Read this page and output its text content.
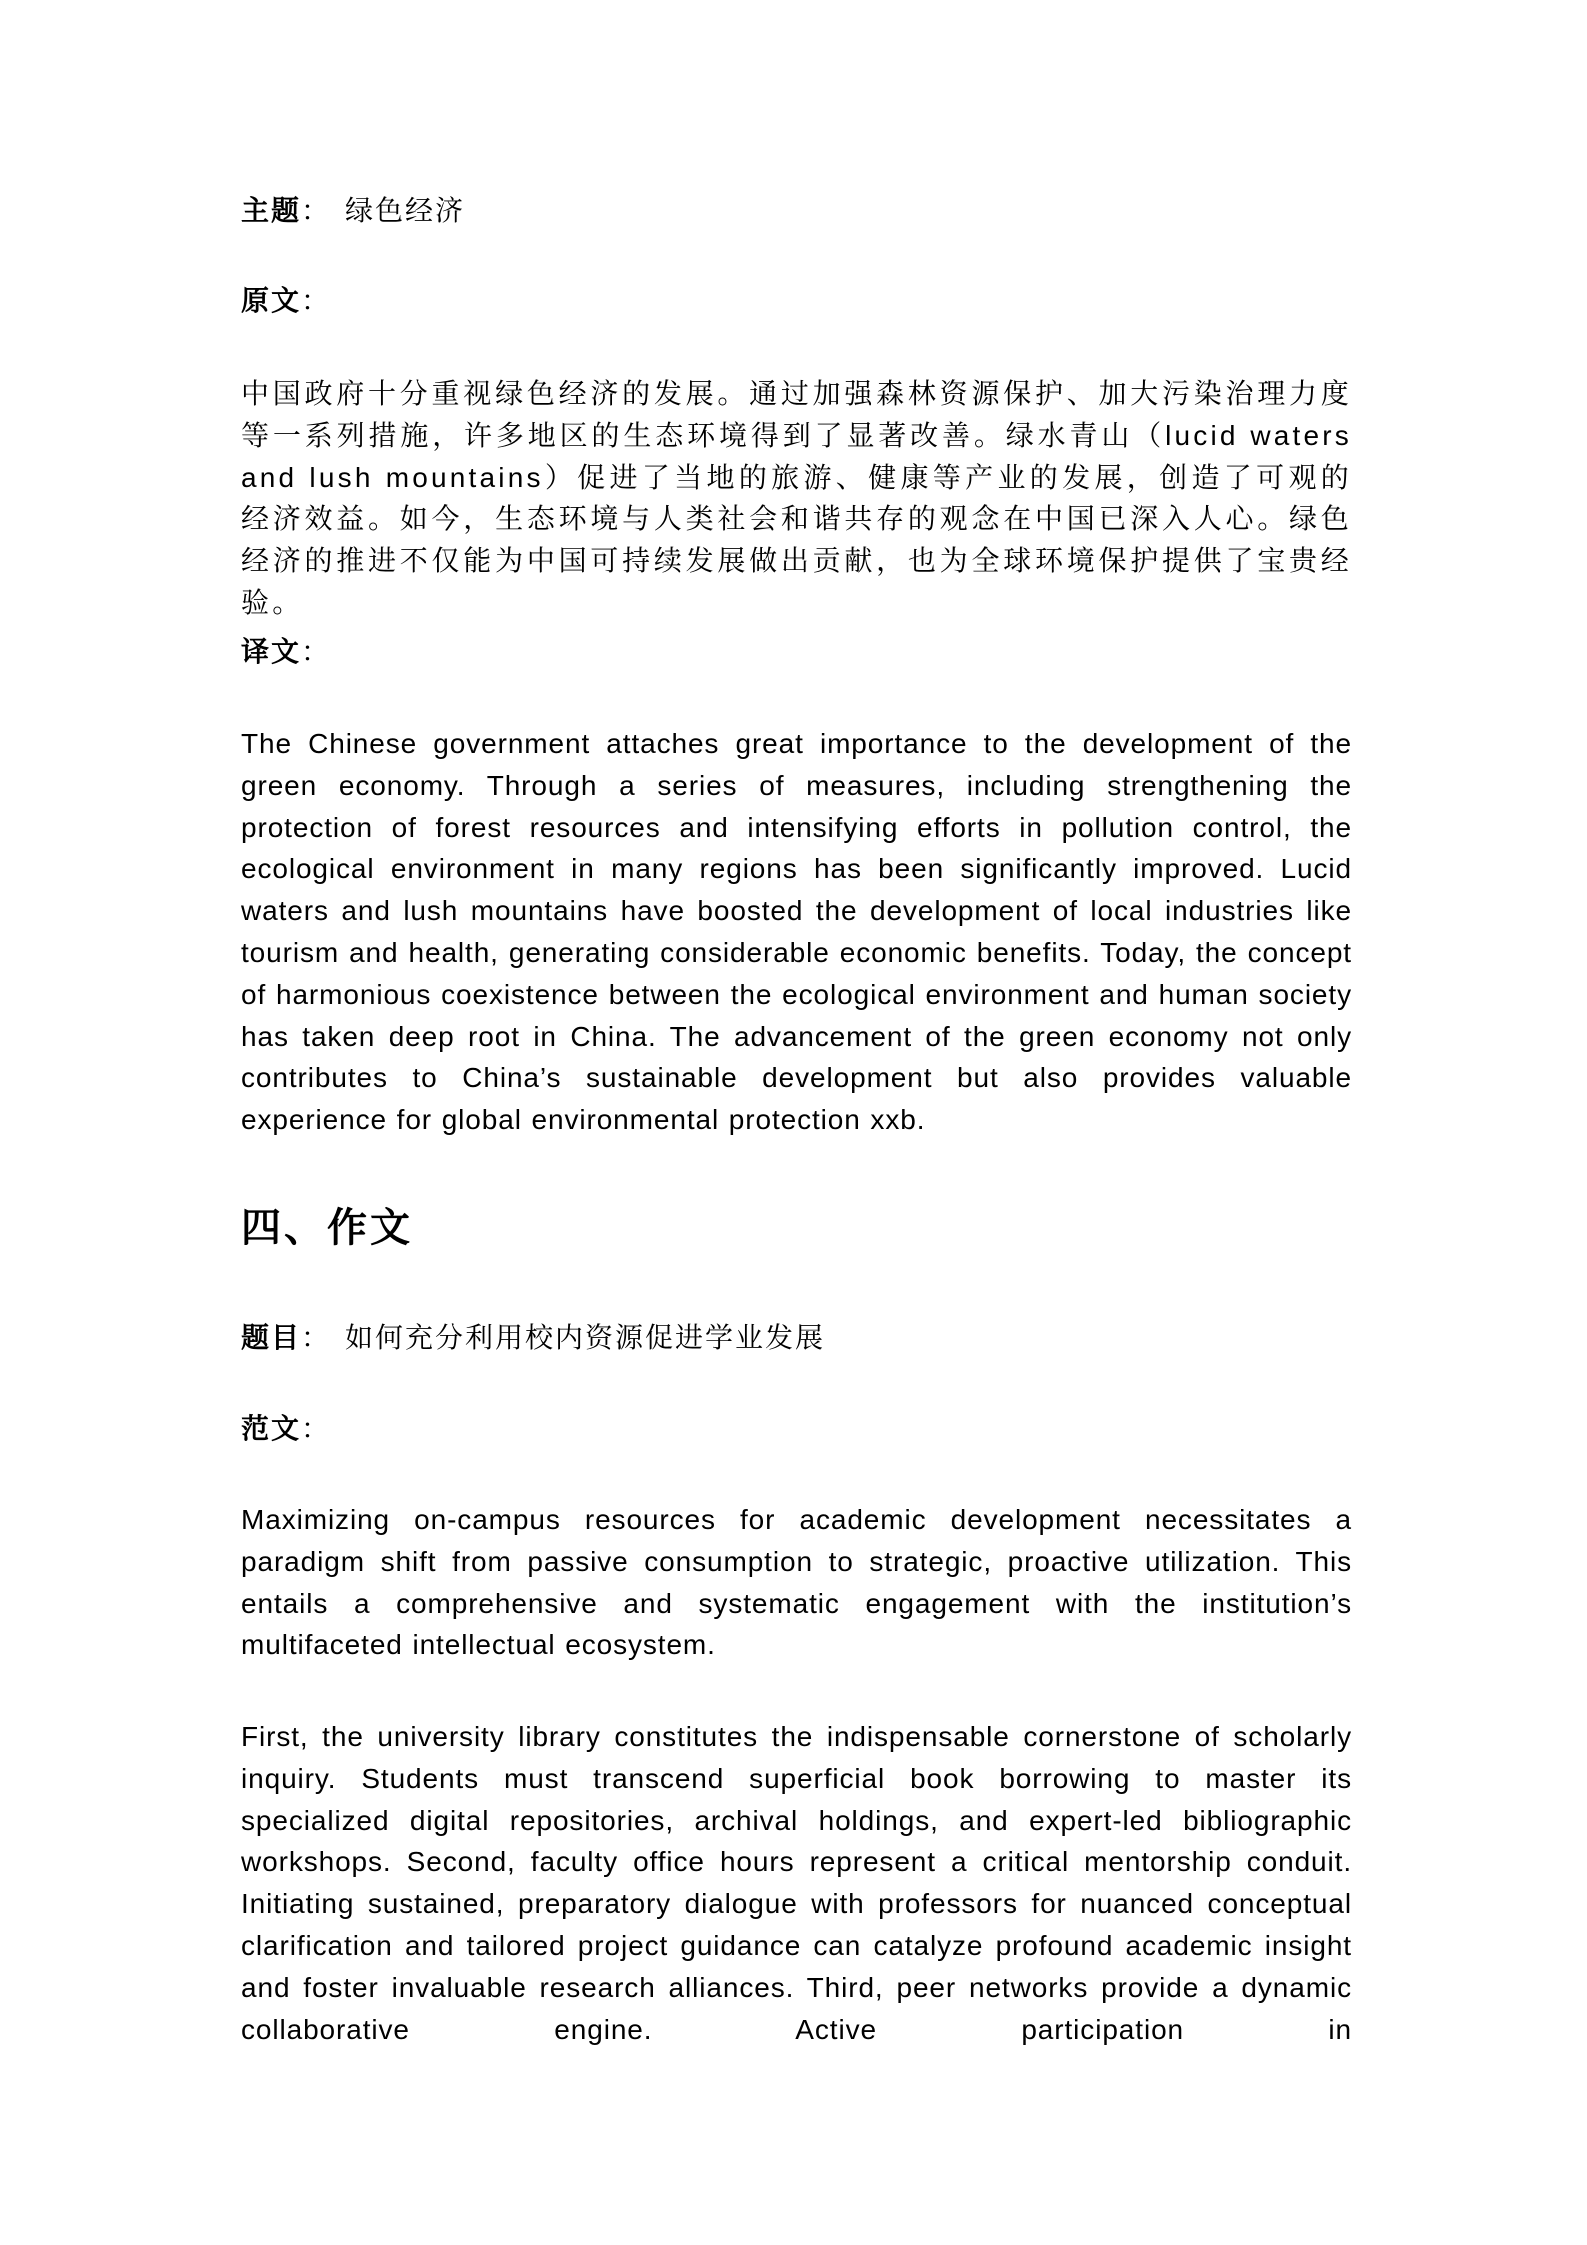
主题： 绿色经济
原文：
中国政府十分重视绿色经济的发展。通过加强森林资源保护、加大污染治理力度等一系列措施，许多地区的生态环境得到了显著改善。绿水青山（lucid waters and lush mountains）促进了当地的旅游、健康等产业的发展，创造了可观的经济效益。如今，生态环境与人类社会和谐共存的观念在中国已深入人心。绿色经济的推进不仅能为中国可持续发展做出贡献，也为全球环境保护提供了宝贵经验。
译文：
The Chinese government attaches great importance to the development of the green economy. Through a series of measures, including strengthening the protection of forest resources and intensifying efforts in pollution control, the ecological environment in many regions has been significantly improved. Lucid waters and lush mountains have boosted the development of local industries like tourism and health, generating considerable economic benefits. Today, the concept of harmonious coexistence between the ecological environment and human society has taken deep root in China. The advancement of the green economy not only contributes to China’s sustainable development but also provides valuable experience for global environmental protection xxb.
四、作文
题目： 如何充分利用校内资源促进学业发展
范文：
Maximizing on-campus resources for academic development necessitates a paradigm shift from passive consumption to strategic, proactive utilization. This entails a comprehensive and systematic engagement with the institution’s multifaceted intellectual ecosystem.
First, the university library constitutes the indispensable cornerstone of scholarly inquiry. Students must transcend superficial book borrowing to master its specialized digital repositories, archival holdings, and expert-led bibliographic workshops. Second, faculty office hours represent a critical mentorship conduit. Initiating sustained, preparatory dialogue with professors for nuanced conceptual clarification and tailored project guidance can catalyze profound academic insight and foster invaluable research alliances. Third, peer networks provide a dynamic collaborative engine. Active participation in
